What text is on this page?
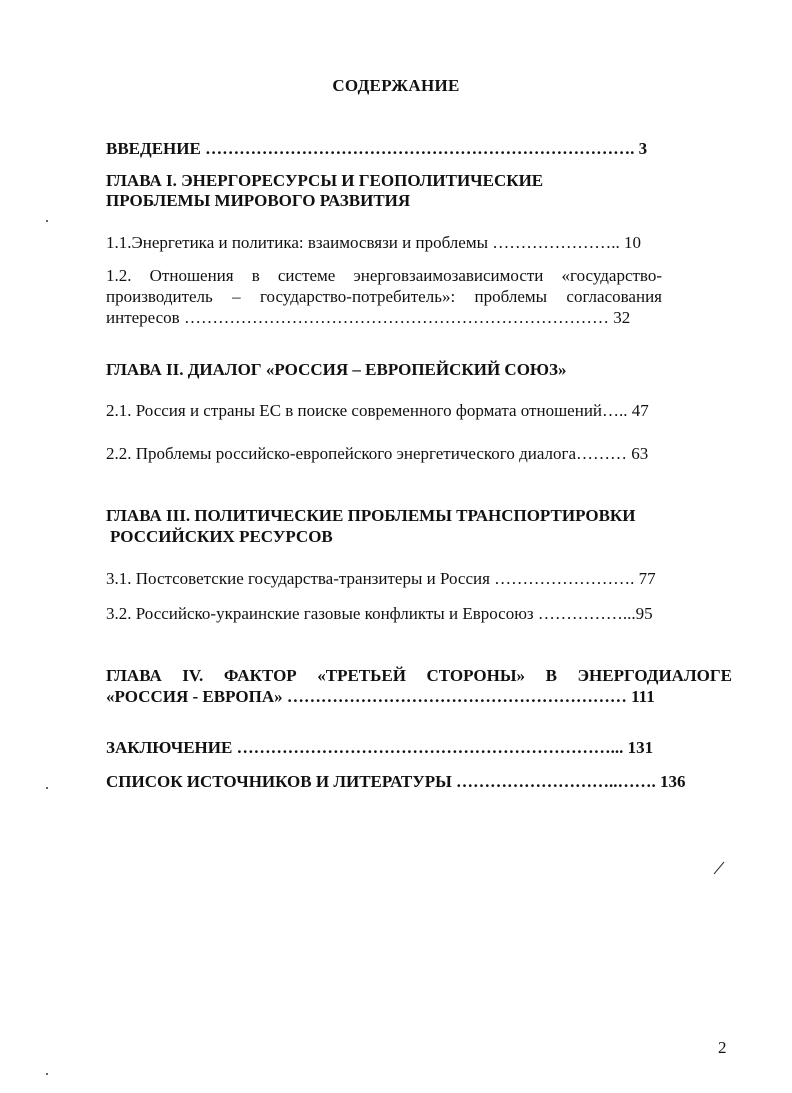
СОДЕРЖАНИЕ
ВВЕДЕНИЕ …………………………………………………………………. 3
ГЛАВА I. ЭНЕРГОРЕСУРСЫ И ГЕОПОЛИТИЧЕСКИЕ
ПРОБЛЕМЫ МИРОВОГО РАЗВИТИЯ
1.1.Энергетика и политика: взаимосвязи и проблемы ………………….. 10
1.2. Отношения в системе энерговзаимозависимости «государство-
производитель – государство-потребитель»: проблемы согласования
интересов ………………………………………………………………… 32
ГЛАВА II. ДИАЛОГ «РОССИЯ – ЕВРОПЕЙСКИЙ СОЮЗ»
2.1. Россия и страны ЕС в поиске современного формата отношений….. 47
2.2. Проблемы российско-европейского энергетического диалога……… 63
ГЛАВА III. ПОЛИТИЧЕСКИЕ ПРОБЛЕМЫ ТРАНСПОРТИРОВКИ
РОССИЙСКИХ РЕСУРСОВ
3.1. Постсоветские государства-транзитеры и Россия ……………………. 77
3.2. Российско-украинские газовые конфликты и Евросоюз ……………...95
ГЛАВА IV. ФАКТОР «ТРЕТЬЕЙ СТОРОНЫ» В ЭНЕРГОДИАЛОГЕ
«РОССИЯ - ЕВРОПА» …………………………………………………… 111
ЗАКЛЮЧЕНИЕ …………………………………………………………... 131
СПИСОК ИСТОЧНИКОВ И ЛИТЕРАТУРЫ ………………………..……. 136
2
